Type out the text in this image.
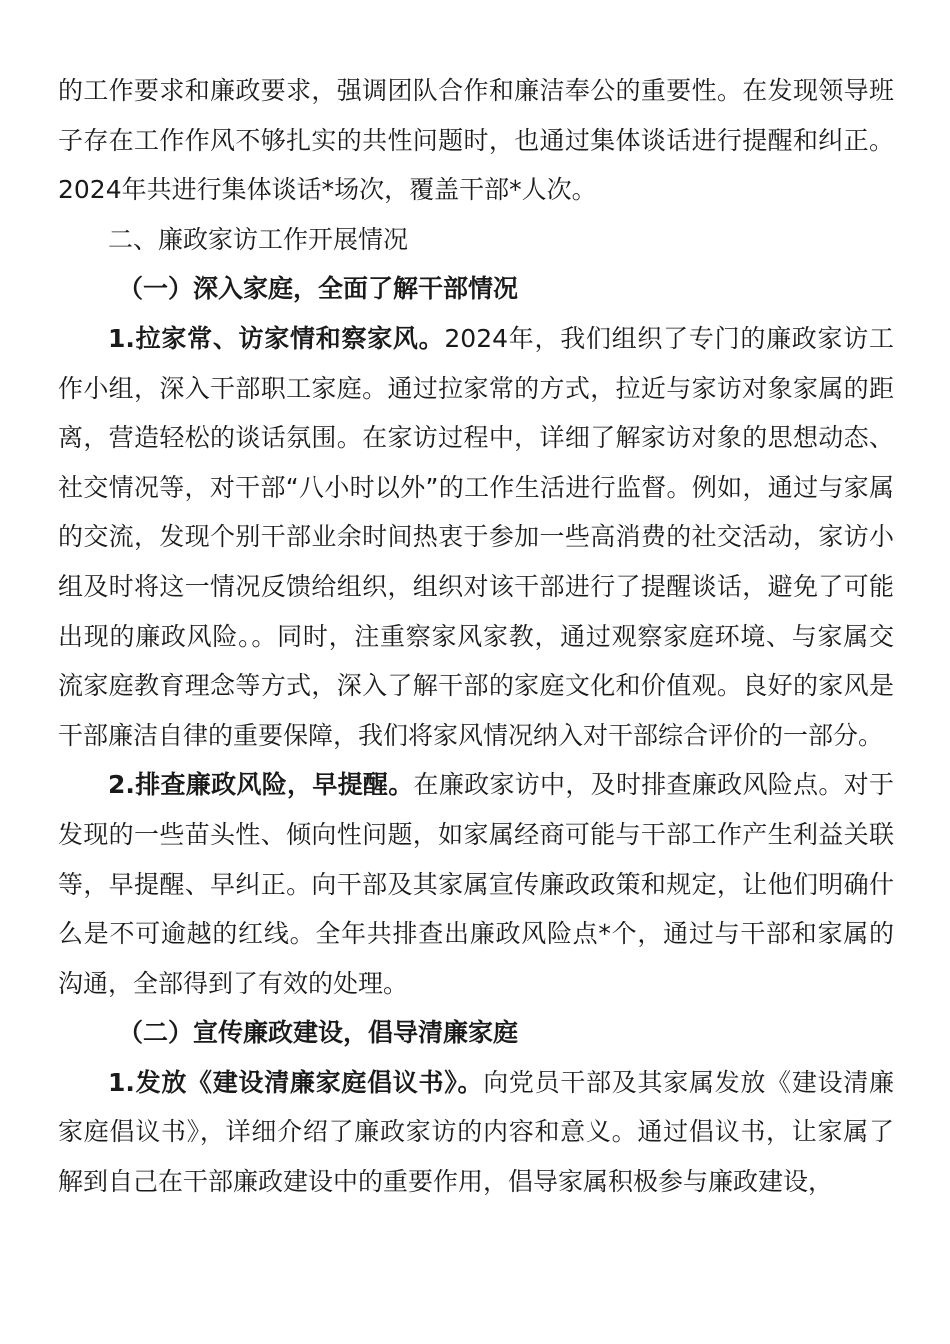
的工作要求和廉政要求，强调团队合作和廉洁奉公的重要性。在发现领导班子存在工作作风不够扎实的共性问题时，也通过集体谈话进行提醒和纠正。2024年共进行集体谈话*场次，覆盖干部*人次。

二、廉政家访工作开展情况

（一）深入家庭，全面了解干部情况

1.拉家常、访家情和察家风。2024年，我们组织了专门的廉政家访工作小组，深入干部职工家庭。通过拉家常的方式，拉近与家访对象家属的距离，营造轻松的谈话氛围。在家访过程中，详细了解家访对象的思想动态、社交情况等，对干部“八小时以外”的工作生活进行监督。例如，通过与家属的交流，发现个别干部业余时间热衷于参加一些高消费的社交活动，家访小组及时将这一情况反馈给组织，组织对该干部进行了提醒谈话，避免了可能出现的廉政风险。。同时，注重察家风家教，通过观察家庭环境、与家属交流家庭教育理念等方式，深入了解干部的家庭文化和价值观。良好的家风是干部廉洁自律的重要保障，我们将家风情况纳入对干部综合评价的一部分。

2.排查廉政风险，早提醒。在廉政家访中，及时排查廉政风险点。对于发现的一些苗头性、倾向性问题，如家属经商可能与干部工作产生利益关联等，早提醒、早纠正。向干部及其家属宣传廉政政策和规定，让他们明确什么是不可逾越的红线。全年共排查出廉政风险点*个，通过与干部和家属的沟通，全部得到了有效的处理。

（二）宣传廉政建设，倡导清廉家庭

1.发放《建设清廉家庭倡议书》。向党员干部及其家属发放《建设清廉家庭倡议书》，详细介绍了廉政家访的内容和意义。通过倡议书，让家属了解到自己在干部廉政建设中的重要作用，倡导家属积极参与廉政建设，
